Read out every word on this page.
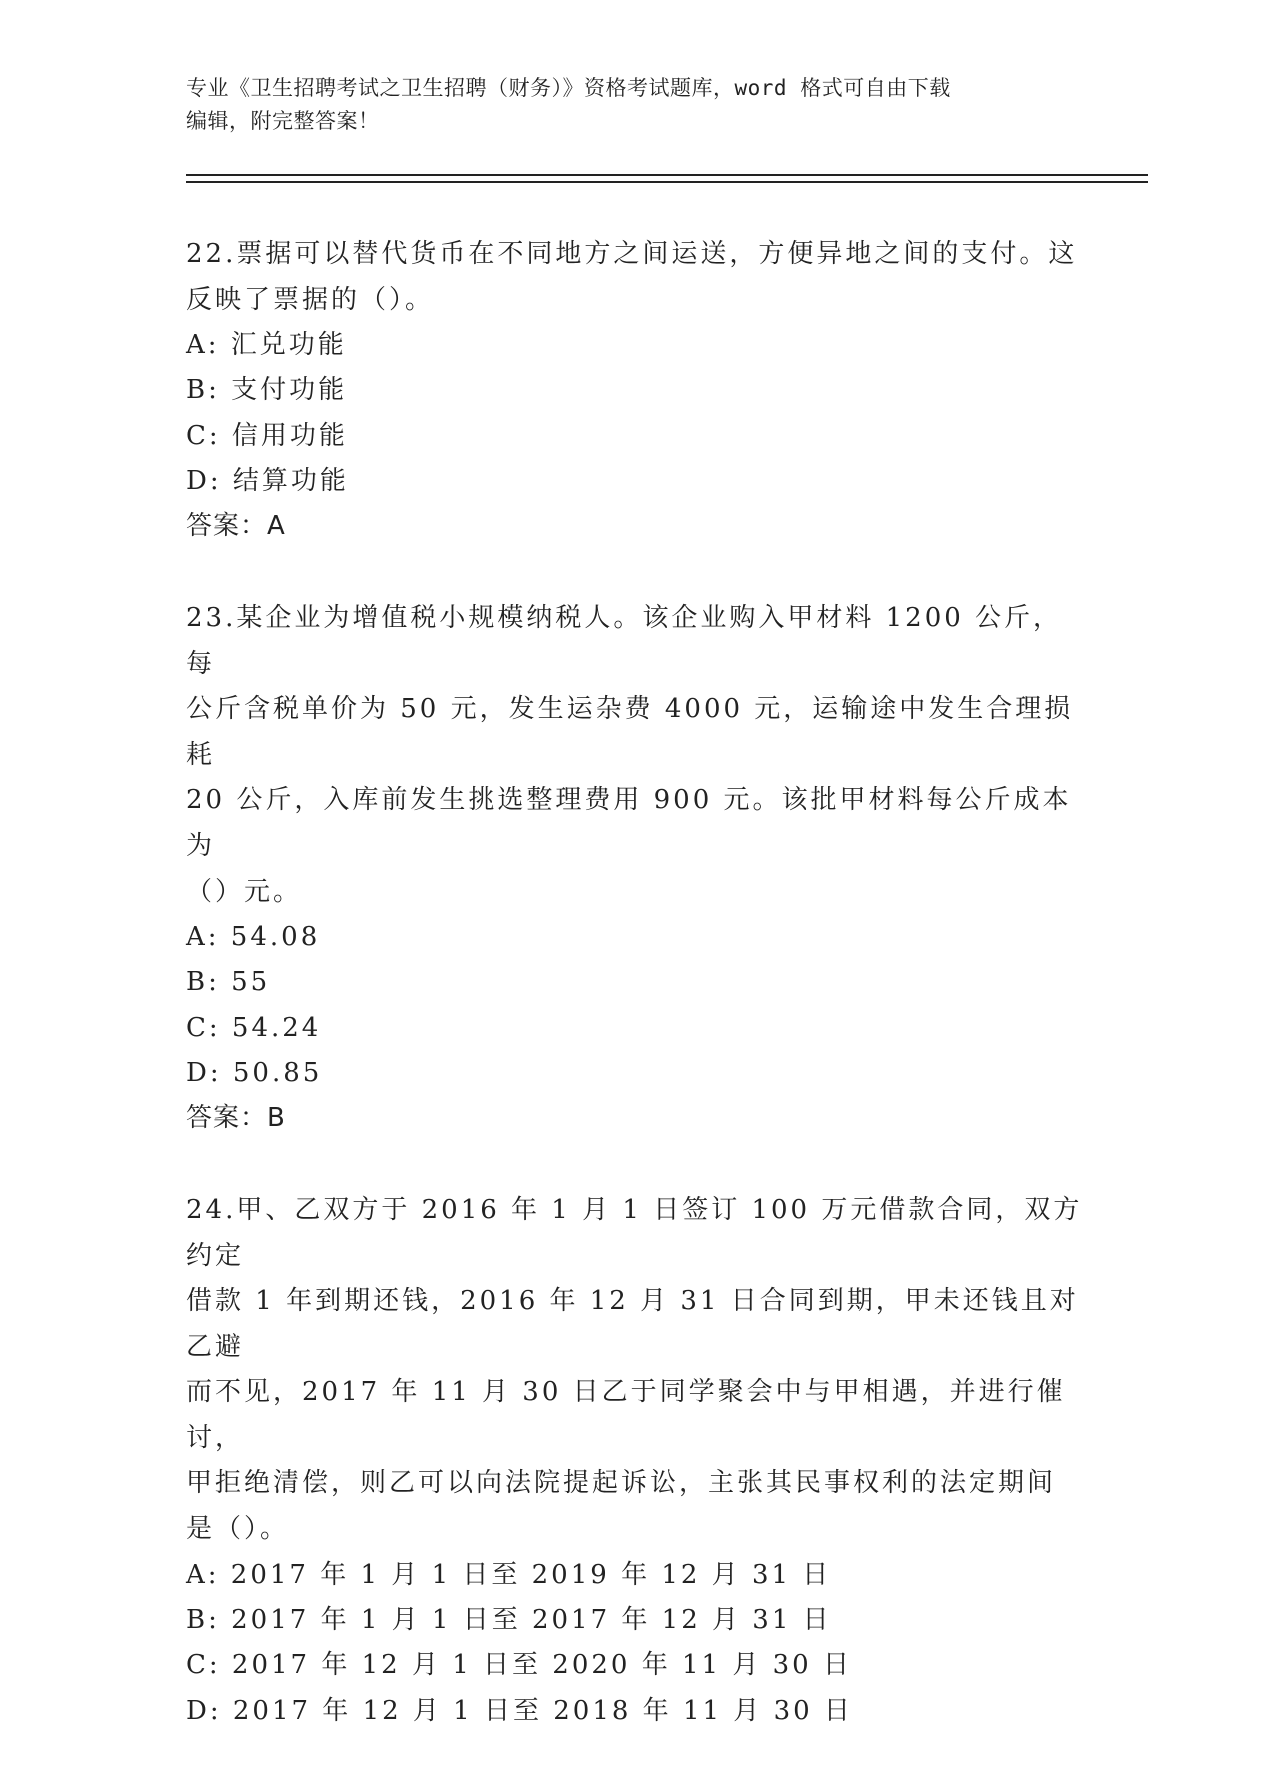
专业《卫生招聘考试之卫生招聘（财务）》资格考试题库，word 格式可自由下载
编辑，附完整答案！

22.票据可以替代货币在不同地方之间运送，方便异地之间的支付。这

反映了票据的（）。

A: 汇兑功能

B: 支付功能

C: 信用功能

D: 结算功能

答案：A

23.某企业为增值税小规模纳税人。该企业购入甲材料 1200 公斤，每

公斤含税单价为 50 元，发生运杂费 4000 元，运输途中发生合理损耗

20 公斤，入库前发生挑选整理费用 900 元。该批甲材料每公斤成本为

（）元。

A: 54.08

B: 55

C: 54.24

D: 50.85

答案：B

24.甲、乙双方于 2016 年 1 月 1 日签订 100 万元借款合同，双方约定

借款 1 年到期还钱，2016 年 12 月 31 日合同到期，甲未还钱且对乙避

而不见，2017 年 11 月 30 日乙于同学聚会中与甲相遇，并进行催讨，

甲拒绝清偿，则乙可以向法院提起诉讼，主张其民事权利的法定期间

是（）。

A: 2017 年 1 月 1 日至 2019 年 12 月 31 日

B: 2017 年 1 月 1 日至 2017 年 12 月 31 日

C: 2017 年 12 月 1 日至 2020 年 11 月 30 日

D: 2017 年 12 月 1 日至 2018 年 11 月 30 日
